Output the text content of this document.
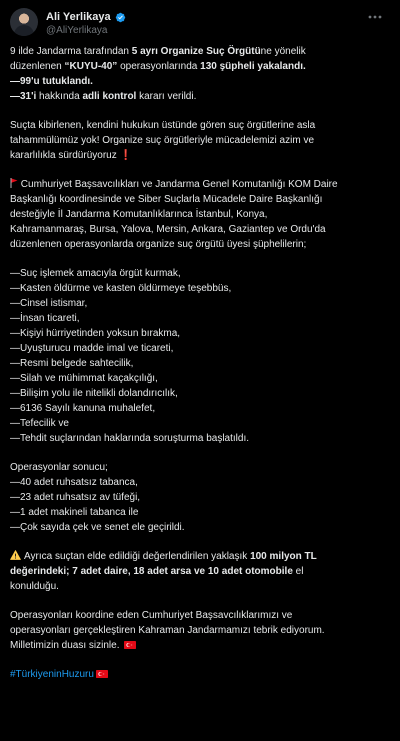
Ali Yerlikaya
@AliYerlikaya

9 ilde Jandarma tarafından 5 ayrı Organize Suç Örgütüne yönelik

düzenlenen “KUYU-40” operasyonlarında 130 şüpheli yakalandı.

—99'u tutuklandı.

—31'i hakkında adli kontrol kararı verildi.

Suçta kibirlenen, kendini hukukun üstünde gören suç örgütlerine asla

tahammülümüz yok! Organize suç örgütleriyle mücadelemizi azim ve

kararlılıkla sürdürüyoruz ❗

Cumhuriyet Başsavcılıkları ve Jandarma Genel Komutanlığı KOM Daire

Başkanlığı koordinesinde ve Siber Suçlarla Mücadele Daire Başkanlığı

desteğiyle İl Jandarma Komutanlıklarınca İstanbul, Konya,

Kahramanmaraş, Bursa, Yalova, Mersin, Ankara, Gaziantep ve Ordu'da

düzenlenen operasyonlarda organize suç örgütü üyesi şüphelilerin;

—Suç işlemek amacıyla örgüt kurmak,

—Kasten öldürme ve kasten öldürmeye teşebbüs,

—Cinsel istismar,

—İnsan ticareti,

—Kişiyi hürriyetinden yoksun bırakma,

—Uyuşturucu madde imal ve ticareti,

—Resmi belgede sahtecilik,

—Silah ve mühimmat kaçakçılığı,

—Bilişim yolu ile nitelikli dolandırıcılık,

—6136 Sayılı kanuna muhalefet,

—Tefecilik ve

—Tehdit suçlarından haklarında soruşturma başlatıldı.

Operasyonlar sonucu;

—40 adet ruhsatsız tabanca,

—23 adet ruhsatsız av tüfeği,

—1 adet makineli tabanca ile

—Çok sayıda çek ve senet ele geçirildi.

Ayrıca suçtan elde edildiği değerlendirilen yaklaşık 100 milyon TL

değerindeki; 7 adet daire, 18 adet arsa ve 10 adet otomobile el

konulduğu.

Operasyonları koordine eden Cumhuriyet Başsavcılıklarımızı ve

operasyonları gerçekleştiren Kahraman Jandarmamızı tebrik ediyorum.

Milletimizin duası sizinle.

#TürkiyeninHuzuru
